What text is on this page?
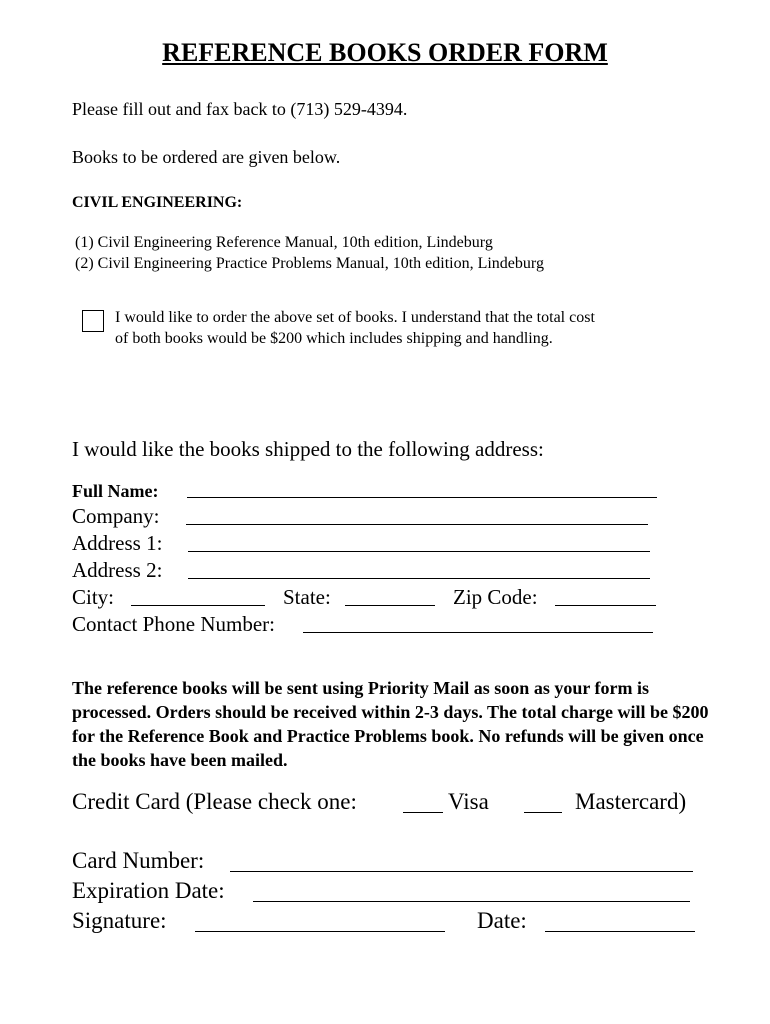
REFERENCE BOOKS ORDER FORM
Please fill out and fax back to (713) 529-4394.
Books to be ordered are given below.
CIVIL ENGINEERING:
(1) Civil Engineering Reference Manual, 10th edition, Lindeburg
(2) Civil Engineering Practice Problems Manual, 10th edition, Lindeburg
I would like to order the above set of books. I understand that the total cost of both books would be $200 which includes shipping and handling.
I would like the books shipped to the following address:
Full Name:
Company:
Address 1:
Address 2:
City:	State:	Zip Code:
Contact Phone Number:
The reference books will be sent using Priority Mail as soon as your form is processed. Orders should be received within 2-3 days. The total charge will be $200 for the Reference Book and Practice Problems book. No refunds will be given once the books have been mailed.
Credit Card (Please check one:	Visa	Mastercard)
Card Number:
Expiration Date:
Signature:	Date:
